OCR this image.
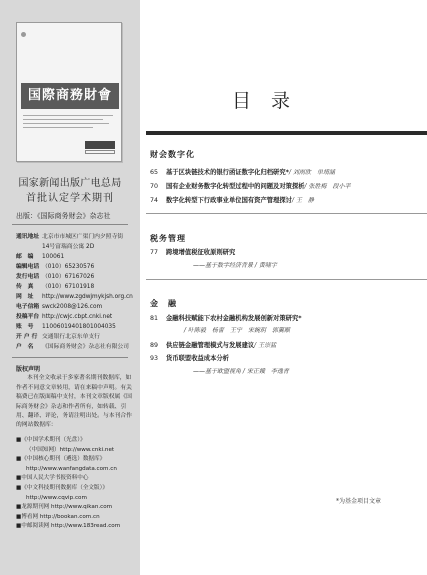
国際商務財會
国家新闻出版广电总局
首批认定学术期刊
出版：《国际商务财会》杂志社
通讯地址 北京市市城区广渠门内夕照寺街
14号富瑞商公寓 2D
邮　编	100061
编辑电话 （010）65230576
发行电话 （010）67167026
传　真	（010）67101918
网　址	http://www.zgdwjmykjsh.org.cn
电子信箱 swck2008@126.com
投稿平台 http://cwjc.cbpt.cnki.net
账　号	11006019401801004035
开 户 行 交通银行北京东单支行
户　名	《国际商务财会》杂志社有限公司
版权声明
本刊全文收录于多家著名期刊数据库，如作者不同意文章转用，请在来稿中声明。有关稿费已在版面稿中支付，本刊文章版权属《国际商务财会》杂志和作者所有，如转载、引用、翻译、评论，务请注明出处。与本刊合作的网站数据库：
■《中国学术期刊（光盘）》
（中国知网）http://www.cnki.net
■《中国核心期刊（遴选）数据库》
http://www.wanfangdata.com.cn
■中国人民大学书报资料中心
■《中文科技期刊数据库（全文版）》
http://www.cqvip.com
■龙源期刊网 http://www.qikan.com
■博看网 http://bookan.com.cn
■中邮阅读网 http://www.183read.com
目录
财会数字化
65 基于区块链技术的银行函证数字化归档研究*/ 刘雨欣　单靖涵
70 国有企业财务数字化转型过程中的问题及对策探析/ 张胜梅　段小平
74 数字化转型下行政事业单位国有资产管理探讨/ 王　静
税务管理
77 跨境增值税征收原则研究
——基于数字经济背景 / 黄啸宇
金　融
81 金融科技赋能下农村金融机构发展创新对策研究*
/ 叶陈毅　杨蕾　王宁　宋婉玥　郭翼顺
89 供应链金融管理模式与发展建议/ 王崇猛
93 货币联盟收益成本分析
——基于欧盟视角 / 宋正娥　李逸青
*为基金项目文章
